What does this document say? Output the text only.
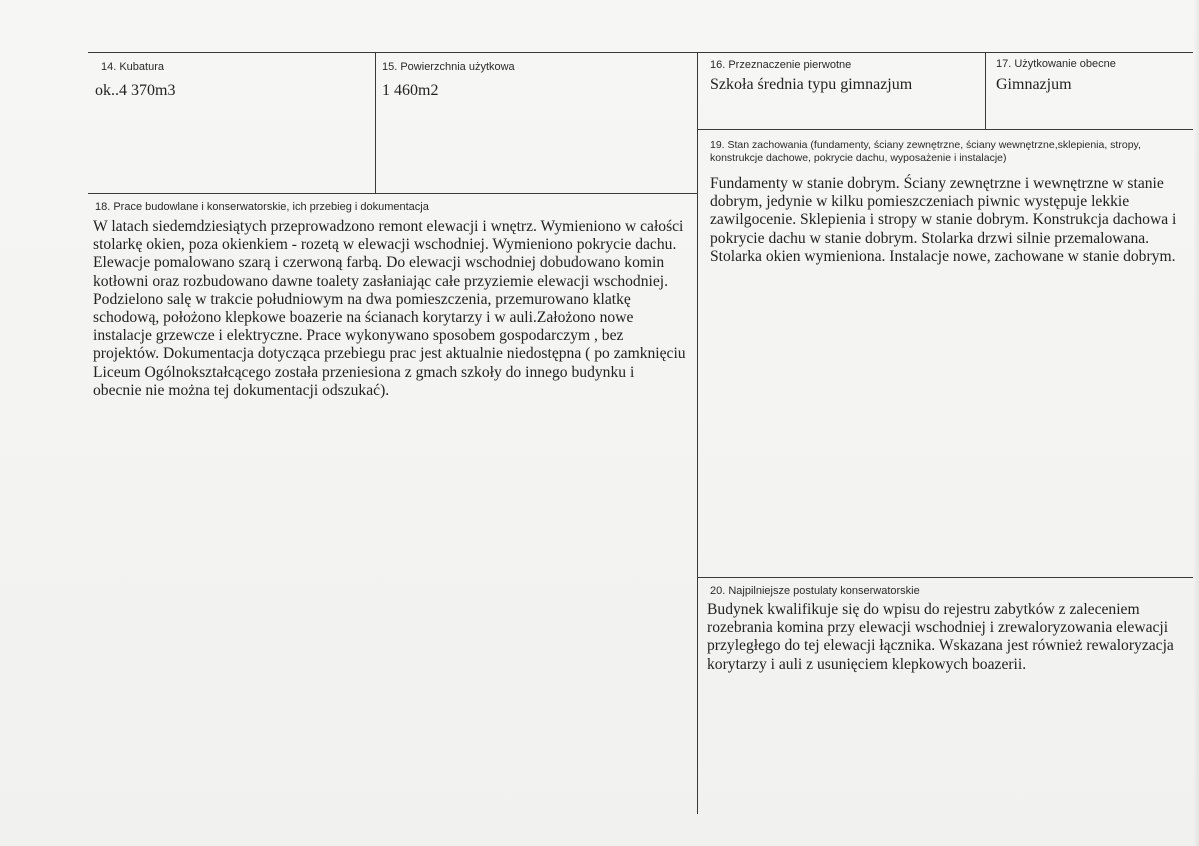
14. Kubatura
ok..4 370m3
15. Powierzchnia użytkowa
1 460m2
16. Przeznaczenie pierwotne
Szkoła średnia typu gimnazjum
17. Użytkowanie obecne
Gimnazjum
19. Stan zachowania (fundamenty, ściany zewnętrzne, ściany wewnętrzne,sklepienia, stropy, konstrukcje dachowe, pokrycie dachu, wyposażenie i instalacje)
Fundamenty w stanie dobrym. Ściany zewnętrzne i wewnętrzne w stanie dobrym, jedynie w kilku pomieszczeniach piwnic występuje lekkie zawilgocenie. Sklepienia i stropy w stanie dobrym. Konstrukcja dachowa i pokrycie dachu w stanie dobrym. Stolarka drzwi silnie przemalowana. Stolarka okien wymieniona. Instalacje nowe, zachowane w stanie dobrym.
18. Prace budowlane i konserwatorskie, ich przebieg i dokumentacja
W latach siedemdziesiątych przeprowadzono remont elewacji i wnętrz. Wymieniono w całości stolarkę okien, poza okienkiem - rozetą w elewacji wschodniej. Wymieniono pokrycie dachu. Elewacje pomalowano szarą i czerwoną farbą. Do elewacji wschodniej dobudowano komin kotłowni oraz rozbudowano dawne toalety zasłaniając całe przyziemie elewacji wschodniej. Podzielono salę w trakcie południowym na dwa pomieszczenia, przemurowano klatkę schodową, położono klepkowe boazerie na ścianach korytarzy i w auli.Założono nowe instalacje grzewcze i elektryczne. Prace wykonywano sposobem gospodarczym , bez projektów. Dokumentacja dotycząca przebiegu prac jest aktualnie niedostępna ( po zamknięciu Liceum Ogólnokształcącego została przeniesiona z gmach szkoły do innego budynku i obecnie nie można tej dokumentacji odszukać).
20. Najpilniejsze postulaty konserwatorskie
Budynek kwalifikuje się do wpisu do rejestru zabytków z zaleceniem rozebrania komina przy elewacji wschodniej i zrewaloryzowania elewacji przyległego do tej elewacji łącznika. Wskazana jest również rewaloryzacja korytarzy i auli z usunięciem klepkowych boazerii.
